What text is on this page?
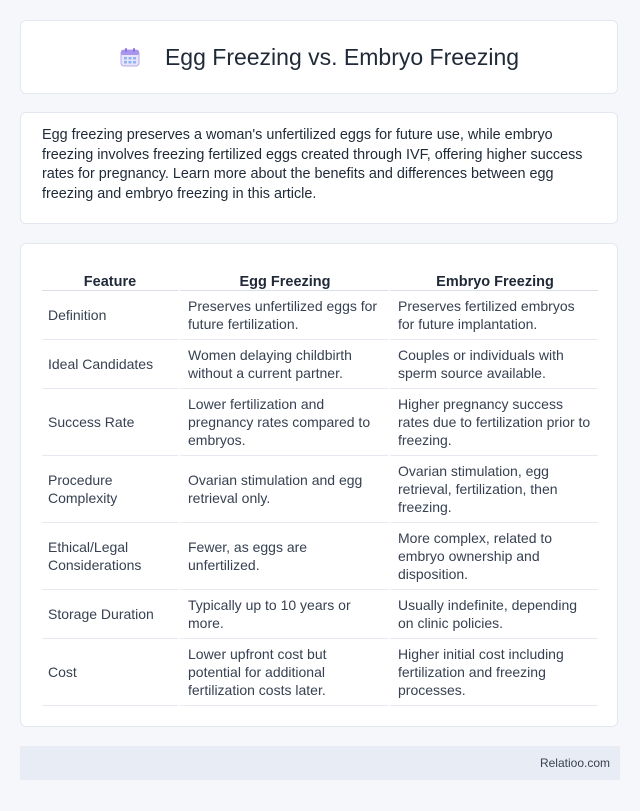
Egg Freezing vs. Embryo Freezing

Egg freezing preserves a woman's unfertilized eggs for future use, while embryo freezing involves freezing fertilized eggs created through IVF, offering higher success rates for pregnancy. Learn more about the benefits and differences between egg freezing and embryo freezing in this article.

Feature	Egg Freezing	Embryo Freezing
Definition	Preserves unfertilized eggs for future fertilization.	Preserves fertilized embryos for future implantation.
Ideal Candidates	Women delaying childbirth without a current partner.	Couples or individuals with sperm source available.
Success Rate	Lower fertilization and pregnancy rates compared to embryos.	Higher pregnancy success rates due to fertilization prior to freezing.
Procedure Complexity	Ovarian stimulation and egg retrieval only.	Ovarian stimulation, egg retrieval, fertilization, then freezing.
Ethical/Legal Considerations	Fewer, as eggs are unfertilized.	More complex, related to embryo ownership and disposition.
Storage Duration	Typically up to 10 years or more.	Usually indefinite, depending on clinic policies.
Cost	Lower upfront cost but potential for additional fertilization costs later.	Higher initial cost including fertilization and freezing processes.
Relatioo.com
